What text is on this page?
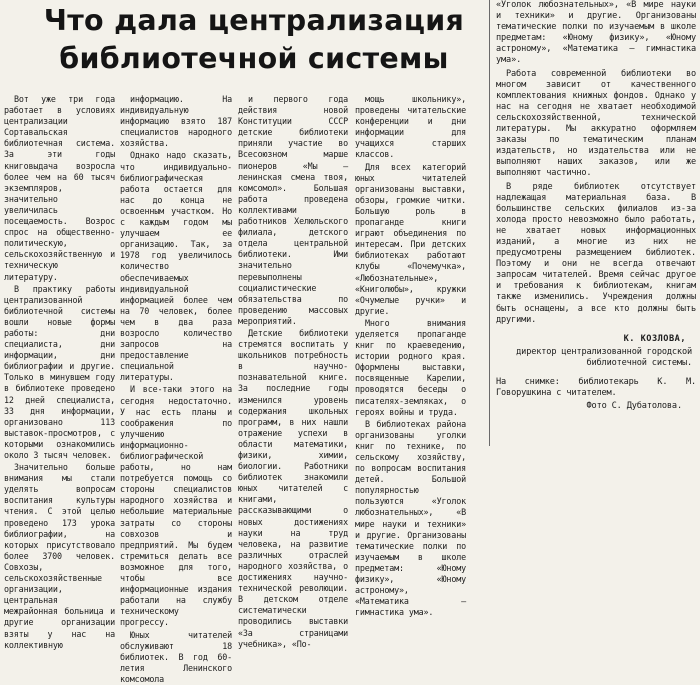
Что дала централизация
библиотечной системы

Вот уже три года работает в условиях централизации Сортавальская библиотечная система. За эти годы книговыдача возросла более чем на 60 тысяч экземпляров, значительно увеличилась посещаемость. Возрос спрос на общественно-политическую, сельскохозяйственную и техническую литературу.

В практику работы централизованной библиотечной системы вошли новые формы работы: дни специалиста, дни информации, дни библиографии и другие. Только в минувшем году в библиотеке проведено 12 дней специалиста, 33 дня информации, организовано 113 выставок-просмотров, с которыми ознакомились около 3 тысяч человек.

Значительно больше внимания мы стали уделять вопросам воспитания культуры чтения. С этой целью проведено 173 урока библиографии, на которых присутствовало более 3700 человек. Совхозы, сельскохозяйственные организации, центральная межрайонная больница и другие организации взяты у нас на коллективную

информацию. На индивидуальную информацию взято 187 специалистов народного хозяйства.

Однако надо сказать, что индивидуально-библиографическая работа остается для нас до конца не освоенным участком. Но с каждым годом мы улучшаем ее организацию. Так, за 1978 год увеличилось количество обеспечиваемых индивидуальной информацией более чем на 70 человек, более чем в два раза возросло количество запросов на предоставление специальной литературы.

И все-таки этого на сегодня недостаточно. У нас есть планы и соображения по улучшению информационно-библиографической работы, но нам потребуется помощь со стороны специалистов народного хозяйства и небольшие материальные затраты со стороны совхозов и предприятий. Мы будем стремиться делать все возможное для того, чтобы все информационные издания работали на службу техническому прогрессу.

Юных читателей обслуживают 18 библиотек. В год 60-летия Ленинского комсомола

и первого года действия новой Конституции СССР детские библиотеки приняли участие во Всесоюзном марше пионеров «Мы — ленинская смена твоя, комсомол». Большая работа проведена коллективами работников Хелюльского филиала, детского отдела центральной библиотеки. Ими значительно перевыполнены социалистические обязательства по проведению массовых мероприятий.

Детские библиотеки стремятся воспитать у школьников потребность в научно-познавательной книге. За последние годы изменился уровень содержания школьных программ, в них нашли отражение успехи в области математики, физики, химии, биологии. Работники библиотек знакомили юных читателей с книгами, рассказывающими о новых достижениях науки на труд человека, на развитие различных отраслей народного хозяйства, о достижениях научно-технической революции. В детском отделе систематически проводились выставки «За страницами учебника», «По-

мощь школьнику», проведены читательские конференции и дни информации для учащихся старших классов.

Для всех категорий юных читателей организованы выставки, обзоры, громкие читки. Большую роль в пропаганде книги играют объединения по интересам. При детских библиотеках работают клубы «Почемучка», «Любознательные», «Книголюбы», кружки «Очумелые ручки» и другие.

Много внимания уделяется пропаганде книг по краеведению, истории родного края. Оформлены выставки, посвященные Карелии, проводятся беседы о писателях-земляках, о героях войны и труда.

В библиотеках района организованы уголки книг по технике, по сельскому хозяйству, по вопросам воспитания детей. Большой популярностью пользуются «Уголок любознательных», «В мире науки и техники» и другие. Организованы тематические полки по изучаемым в школе предметам: «Юному физику», «Юному астроному», «Математика — гимнастика ума».

«Уголок любознательных», «В мире науки и техники» и другие. Организованы тематические полки по изучаемым в школе предметам: «Юному физику», «Юному астроному», «Математика — гимнастика ума».

Работа современной библиотеки во многом зависит от качественного комплектования книжных фондов. Однако у нас на сегодня не хватает необходимой сельскохозяйственной, технической литературы. Мы аккуратно оформляем заказы по тематическим планам издательств, но издательства или не выполняют наших заказов, или же выполняют частично.

В ряде библиотек отсутствует надлежащая материальная база. В большинстве сельских филиалов из-за холода просто невозможно было работать, не хватает новых информационных изданий, а многие из них не предусмотрены размещением библиотек. Поэтому и они не всегда отвечают запросам читателей. Время сейчас другое и требования к библиотекам, книгам также изменились. Учреждения должны быть оснащены, а все кто должны быть другими.

К. КОЗЛОВА,

директор централизованной городской библиотечной системы.

На снимке: библиотекарь К. М. Говорушкина с читателем.

Фото С. Дубатолова.
